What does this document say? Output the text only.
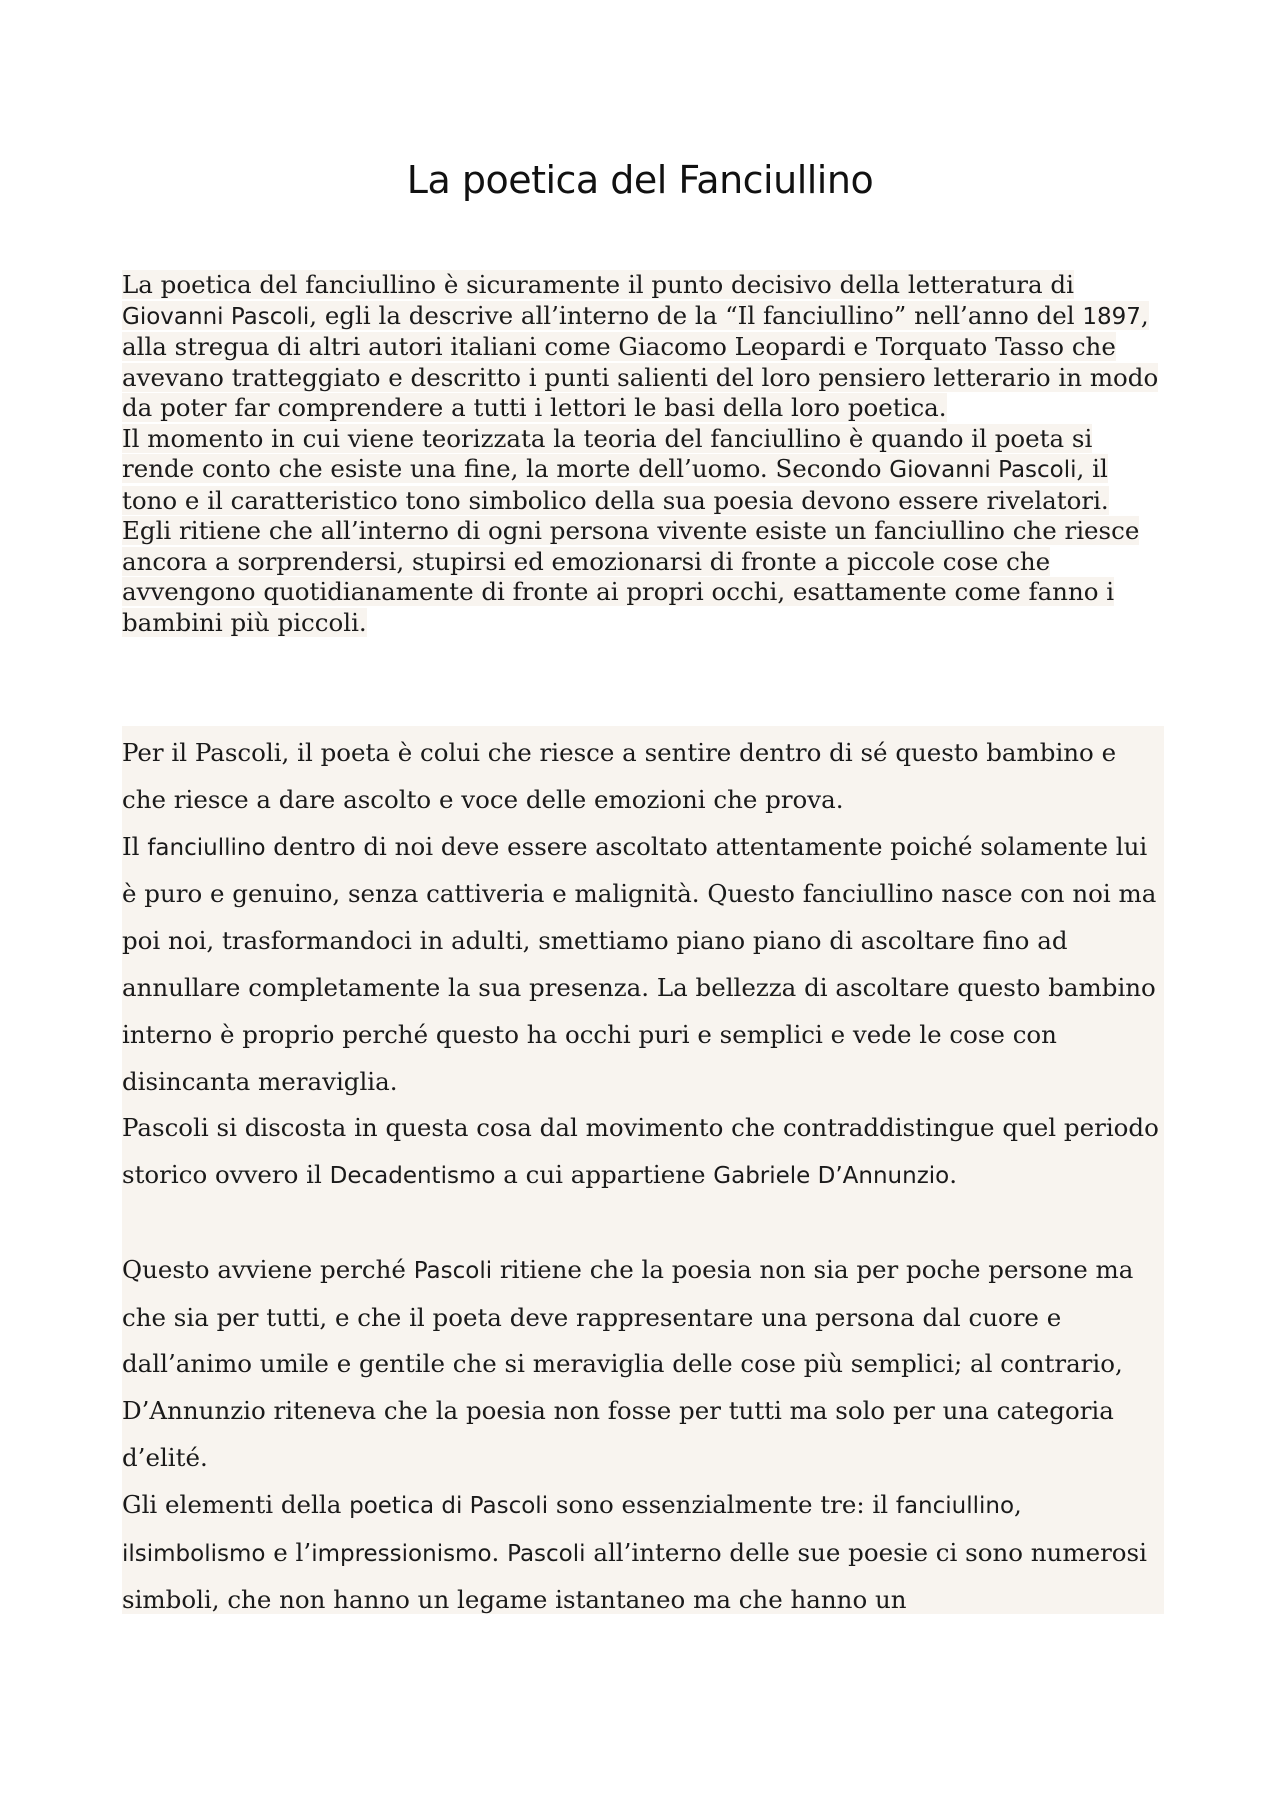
La poetica del Fanciullino

La poetica del fanciullino è sicuramente il punto decisivo della letteratura di Giovanni Pascoli, egli la descrive all’interno de la “Il fanciullino” nell’anno del 1897, alla stregua di altri autori italiani come Giacomo Leopardi e Torquato Tasso che avevano tratteggiato e descritto i punti salienti del loro pensiero letterario in modo da poter far comprendere a tutti i lettori le basi della loro poetica.

Il momento in cui viene teorizzata la teoria del fanciullino è quando il poeta si rende conto che esiste una fine, la morte dell’uomo. Secondo Giovanni Pascoli, il tono e il caratteristico tono simbolico della sua poesia devono essere rivelatori.

Egli ritiene che all’interno di ogni persona vivente esiste un fanciullino che riesce ancora a sorprendersi, stupirsi ed emozionarsi di fronte a piccole cose che avvengono quotidianamente di fronte ai propri occhi, esattamente come fanno i bambini più piccoli.

Per il Pascoli, il poeta è colui che riesce a sentire dentro di sé questo bambino e che riesce a dare ascolto e voce delle emozioni che prova.

Il fanciullino dentro di noi deve essere ascoltato attentamente poiché solamente lui è puro e genuino, senza cattiveria e malignità. Questo fanciullino nasce con noi ma poi noi, trasformandoci in adulti, smettiamo piano piano di ascoltare fino ad annullare completamente la sua presenza. La bellezza di ascoltare questo bambino interno è proprio perché questo ha occhi puri e semplici e vede le cose con disincanta meraviglia.

Pascoli si discosta in questa cosa dal movimento che contraddistingue quel periodo storico ovvero il Decadentismo a cui appartiene Gabriele D’Annunzio.

Questo avviene perché Pascoli ritiene che la poesia non sia per poche persone ma che sia per tutti, e che il poeta deve rappresentare una persona dal cuore e dall’animo umile e gentile che si meraviglia delle cose più semplici; al contrario, D’Annunzio riteneva che la poesia non fosse per tutti ma solo per una categoria d’elité.

Gli elementi della poetica di Pascoli sono essenzialmente tre: il fanciullino, ilsimbolismo e l’impressionismo. Pascoli all’interno delle sue poesie ci sono numerosi simboli, che non hanno un legame istantaneo ma che hanno un
